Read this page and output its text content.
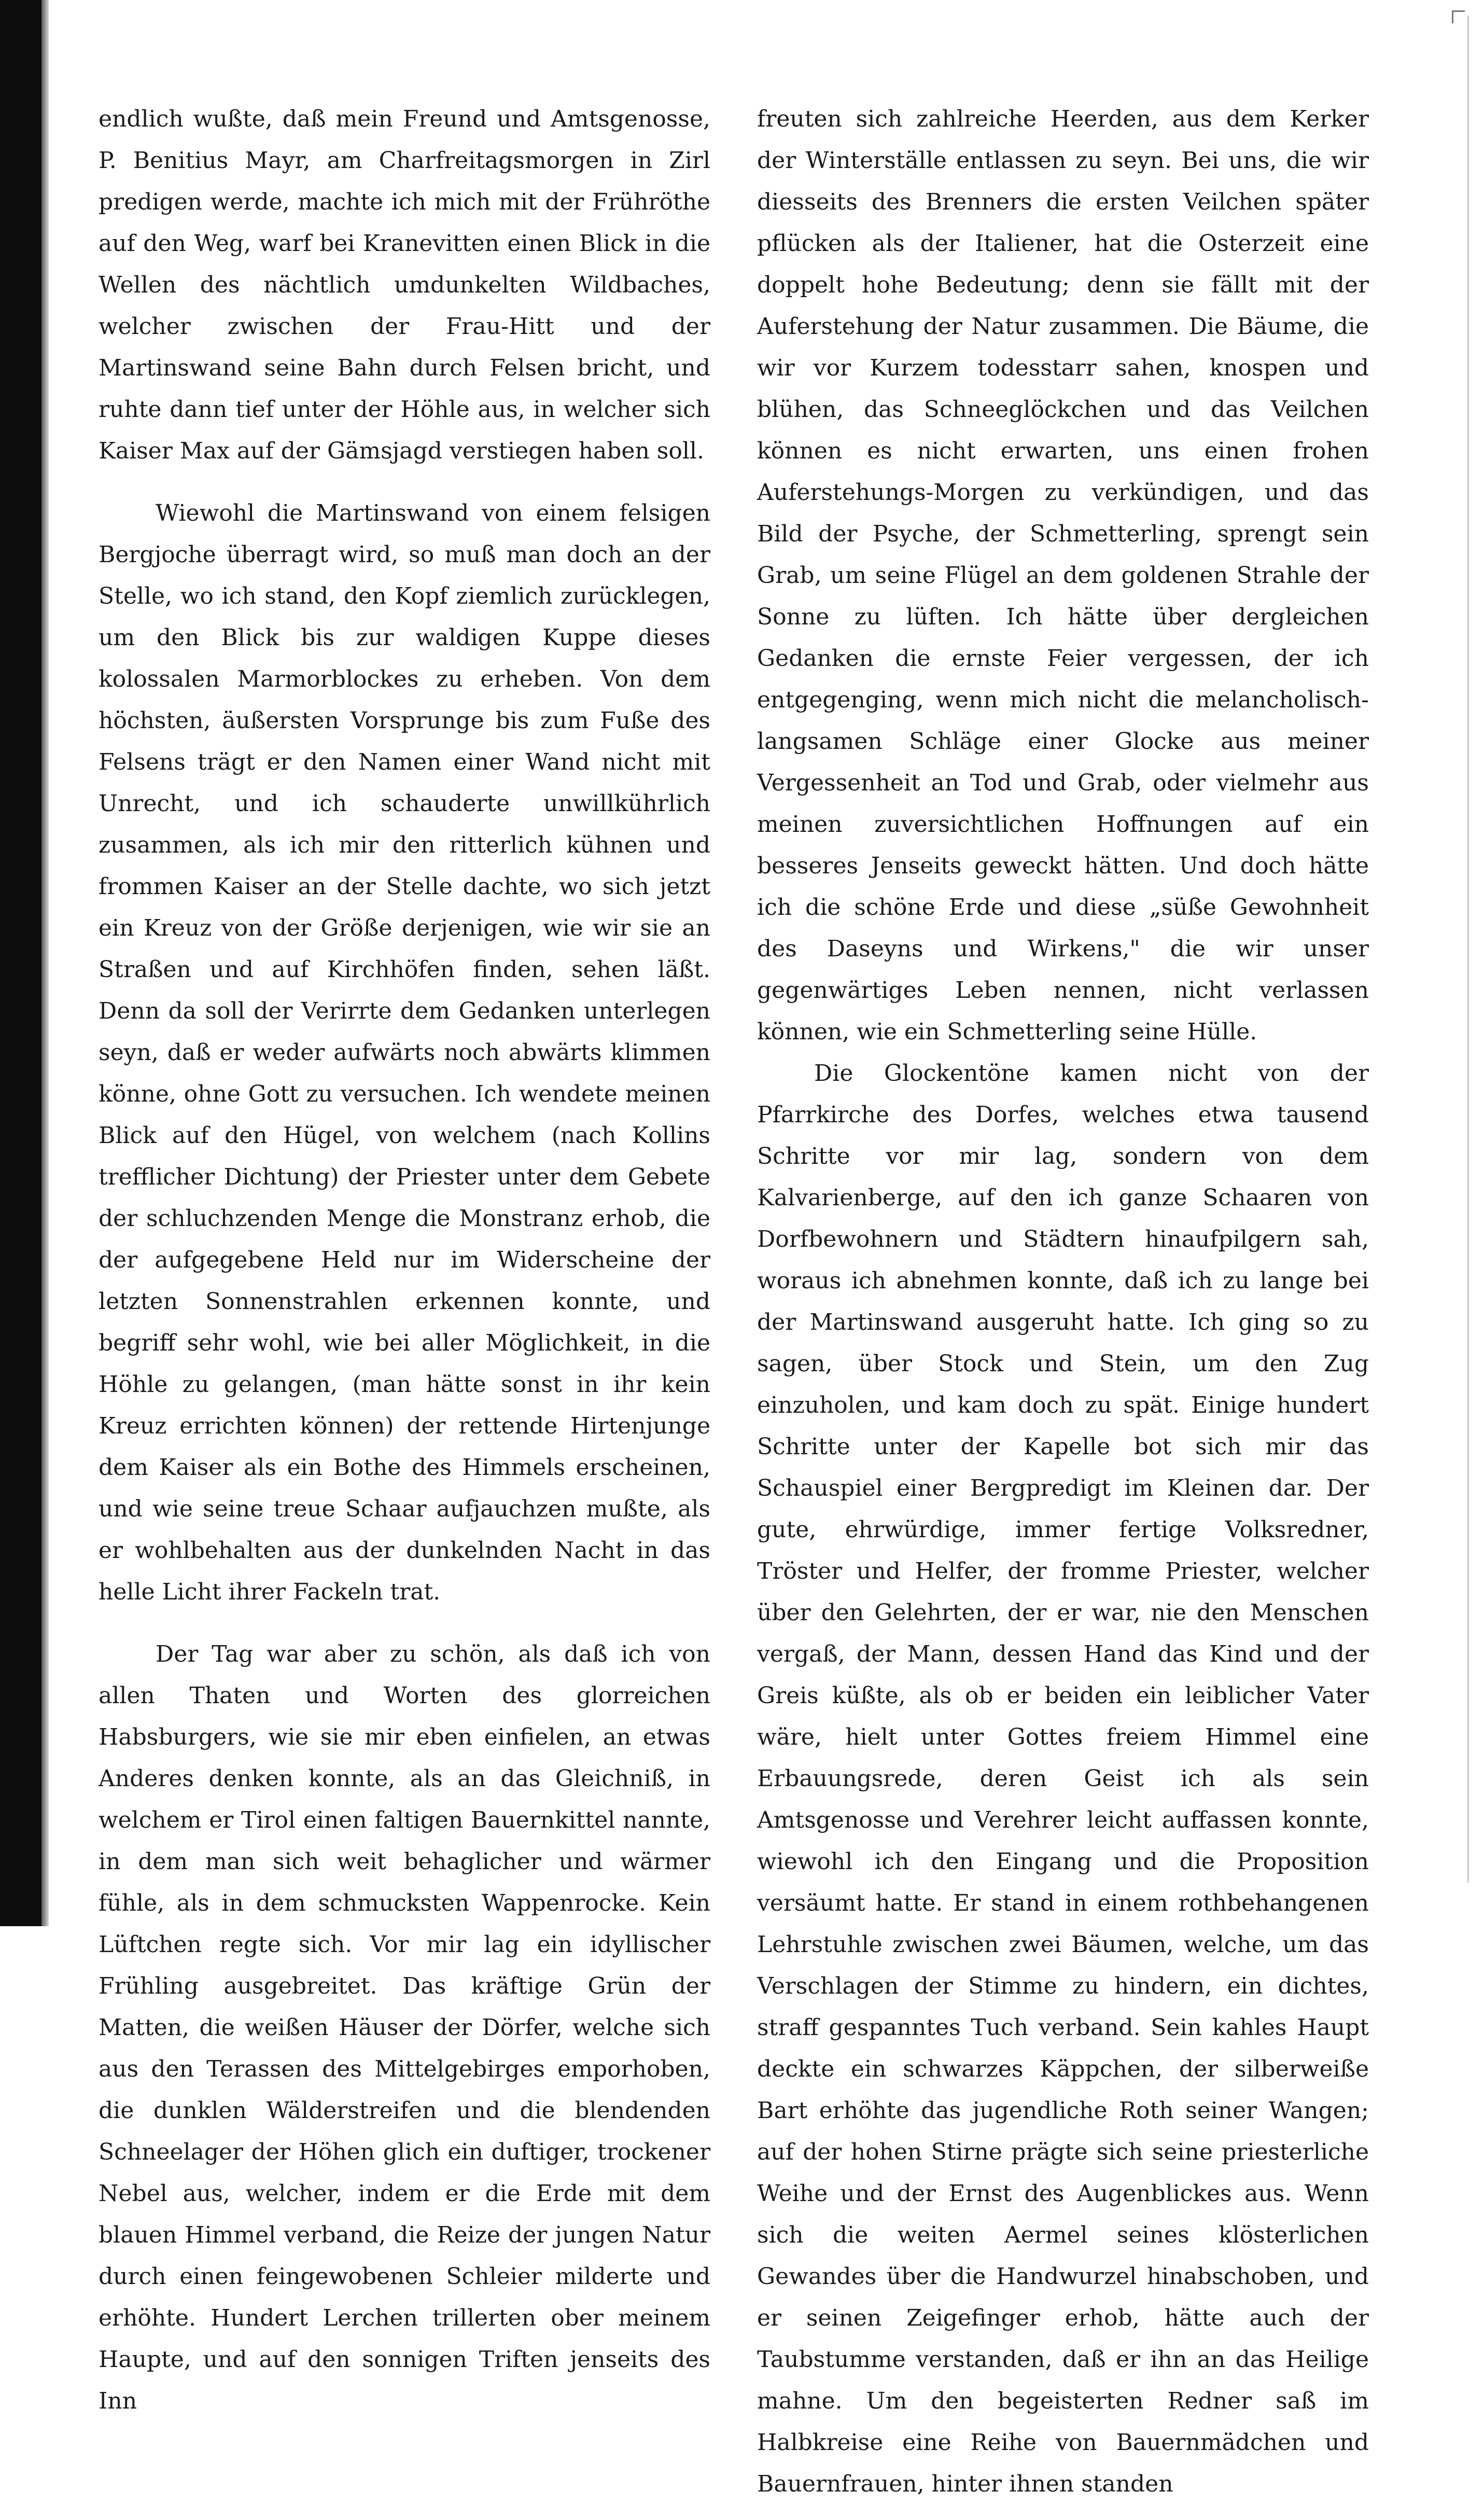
endlich wußte, daß mein Freund und Amtsgenosse, P. Benitius Mayr, am Charfreitagsmorgen in Zirl predigen werde, machte ich mich mit der Frühröthe auf den Weg, warf bei Kranevitten einen Blick in die Wellen des nächtlich umdunkelten Wildbaches, welcher zwischen der Frau-Hitt und der Martinswand seine Bahn durch Felsen bricht, und ruhte dann tief unter der Höhle aus, in welcher sich Kaiser Max auf der Gämsjagd verstiegen haben soll.

Wiewohl die Martinswand von einem felsigen Bergjoche überragt wird, so muß man doch an der Stelle, wo ich stand, den Kopf ziemlich zurücklegen, um den Blick bis zur waldigen Kuppe dieses kolossalen Marmorblockes zu erheben. Von dem höchsten, äußersten Vorsprunge bis zum Fuße des Felsens trägt er den Namen einer Wand nicht mit Unrecht, und ich schauderte unwillkührlich zusammen, als ich mir den ritterlich kühnen und frommen Kaiser an der Stelle dachte, wo sich jetzt ein Kreuz von der Größe derjenigen, wie wir sie an Straßen und auf Kirchhöfen finden, sehen läßt. Denn da soll der Verirrte dem Gedanken unterlegen seyn, daß er weder aufwärts noch abwärts klimmen könne, ohne Gott zu versuchen. Ich wendete meinen Blick auf den Hügel, von welchem (nach Kollins trefflicher Dichtung) der Priester unter dem Gebete der schluchzenden Menge die Monstranz erhob, die der aufgegebene Held nur im Widerscheine der letzten Sonnenstrahlen erkennen konnte, und begriff sehr wohl, wie bei aller Möglichkeit, in die Höhle zu gelangen, (man hätte sonst in ihr kein Kreuz errichten können) der rettende Hirtenjunge dem Kaiser als ein Bothe des Himmels erscheinen, und wie seine treue Schaar aufjauchzen mußte, als er wohlbehalten aus der dunkelnden Nacht in das helle Licht ihrer Fackeln trat.

Der Tag war aber zu schön, als daß ich von allen Thaten und Worten des glorreichen Habsburgers, wie sie mir eben einfielen, an etwas Anderes denken konnte, als an das Gleichniß, in welchem er Tirol einen faltigen Bauernkittel nannte, in dem man sich weit behaglicher und wärmer fühle, als in dem schmucksten Wappenrocke. Kein Lüftchen regte sich. Vor mir lag ein idyllischer Frühling ausgebreitet. Das kräftige Grün der Matten, die weißen Häuser der Dörfer, welche sich aus den Terassen des Mittelgebirges emporhoben, die dunklen Wälderstreifen und die blendenden Schneelager der Höhen glich ein duftiger, trockener Nebel aus, welcher, indem er die Erde mit dem blauen Himmel verband, die Reize der jungen Natur durch einen feingewobenen Schleier milderte und erhöhte. Hundert Lerchen trillerten ober meinem Haupte, und auf den sonnigen Triften jenseits des Inn

freuten sich zahlreiche Heerden, aus dem Kerker der Winterställe entlassen zu seyn. Bei uns, die wir diesseits des Brenners die ersten Veilchen später pflücken als der Italiener, hat die Osterzeit eine doppelt hohe Bedeutung; denn sie fällt mit der Auferstehung der Natur zusammen. Die Bäume, die wir vor Kurzem todesstarr sahen, knospen und blühen, das Schneeglöckchen und das Veilchen können es nicht erwarten, uns einen frohen Auferstehungs-Morgen zu verkündigen, und das Bild der Psyche, der Schmetterling, sprengt sein Grab, um seine Flügel an dem goldenen Strahle der Sonne zu lüften. Ich hätte über dergleichen Gedanken die ernste Feier vergessen, der ich entgegenging, wenn mich nicht die melancholisch-langsamen Schläge einer Glocke aus meiner Vergessenheit an Tod und Grab, oder vielmehr aus meinen zuversichtlichen Hoffnungen auf ein besseres Jenseits geweckt hätten. Und doch hätte ich die schöne Erde und diese „süße Gewohnheit des Daseyns und Wirkens," die wir unser gegenwärtiges Leben nennen, nicht verlassen können, wie ein Schmetterling seine Hülle.

Die Glockentöne kamen nicht von der Pfarrkirche des Dorfes, welches etwa tausend Schritte vor mir lag, sondern von dem Kalvarienberge, auf den ich ganze Schaaren von Dorfbewohnern und Städtern hinaufpilgern sah, woraus ich abnehmen konnte, daß ich zu lange bei der Martinswand ausgeruht hatte. Ich ging so zu sagen, über Stock und Stein, um den Zug einzuholen, und kam doch zu spät. Einige hundert Schritte unter der Kapelle bot sich mir das Schauspiel einer Bergpredigt im Kleinen dar. Der gute, ehrwürdige, immer fertige Volksredner, Tröster und Helfer, der fromme Priester, welcher über den Gelehrten, der er war, nie den Menschen vergaß, der Mann, dessen Hand das Kind und der Greis küßte, als ob er beiden ein leiblicher Vater wäre, hielt unter Gottes freiem Himmel eine Erbauungsrede, deren Geist ich als sein Amtsgenosse und Verehrer leicht auffassen konnte, wiewohl ich den Eingang und die Proposition versäumt hatte. Er stand in einem rothbehangenen Lehrstuhle zwischen zwei Bäumen, welche, um das Verschlagen der Stimme zu hindern, ein dichtes, straff gespanntes Tuch verband. Sein kahles Haupt deckte ein schwarzes Käppchen, der silberweiße Bart erhöhte das jugendliche Roth seiner Wangen; auf der hohen Stirne prägte sich seine priesterliche Weihe und der Ernst des Augenblickes aus. Wenn sich die weiten Aermel seines klösterlichen Gewandes über die Handwurzel hinabschoben, und er seinen Zeigefinger erhob, hätte auch der Taubstumme verstanden, daß er ihn an das Heilige mahne. Um den begeisterten Redner saß im Halbkreise eine Reihe von Bauernmädchen und Bauernfrauen, hinter ihnen standen
